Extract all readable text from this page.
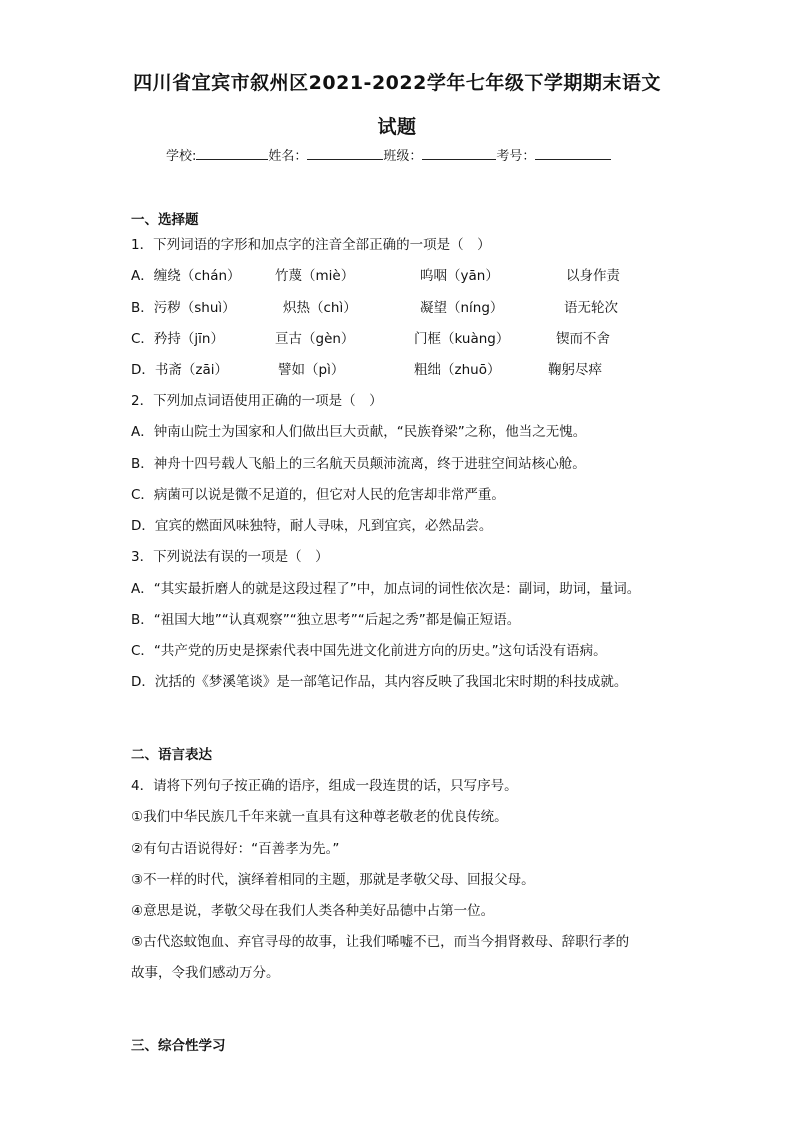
四川省宜宾市叙州区2021-2022学年七年级下学期期末语文
试题
学校:	姓名：	班级：	考号：
一、选择题
1．下列词语的字形和加点字的注音全部正确的一项是（　）
A．缠绕（chán）	竹蔑（miè）	呜咽（yān）	以身作责
B．污秽（shuì）	炽热（chì）	凝望（níng）	语无轮次
C．矜持（jīn）	亘古（gèn）	门框（kuàng）	锲而不舍
D．书斋（zāi）	譬如（pì）	粗绌（zhuō）	鞠躬尽瘁
2．下列加点词语使用正确的一项是（　）
A．钟南山院士为国家和人们做出巨大贡献，“民族脊梁”之称，他当之无愧。
B．神舟十四号载人飞船上的三名航天员颠沛流离，终于进驻空间站核心舱。
C．病菌可以说是微不足道的，但它对人民的危害却非常严重。
D．宜宾的燃面风味独特，耐人寻味，凡到宜宾，必然品尝。
3．下列说法有误的一项是（　）
A．“其实最折磨人的就是这段过程了”中，加点词的词性依次是：副词，助词，量词。
B．“祖国大地”“认真观察”“独立思考”“后起之秀”都是偏正短语。
C．“共产党的历史是探索代表中国先进文化前进方向的历史。”这句话没有语病。
D．沈括的《梦溪笔谈》是一部笔记作品，其内容反映了我国北宋时期的科技成就。
二、语言表达
4．请将下列句子按正确的语序，组成一段连贯的话，只写序号。
①我们中华民族几千年来就一直具有这种尊老敬老的优良传统。
②有句古语说得好：“百善孝为先。”
③不一样的时代，演绎着相同的主题，那就是孝敬父母、回报父母。
④意思是说，孝敬父母在我们人类各种美好品德中占第一位。
⑤古代恣蚊饱血、弃官寻母的故事，让我们唏嘘不已，而当今捐肾救母、辞职行孝的
故事，令我们感动万分。
三、综合性学习
